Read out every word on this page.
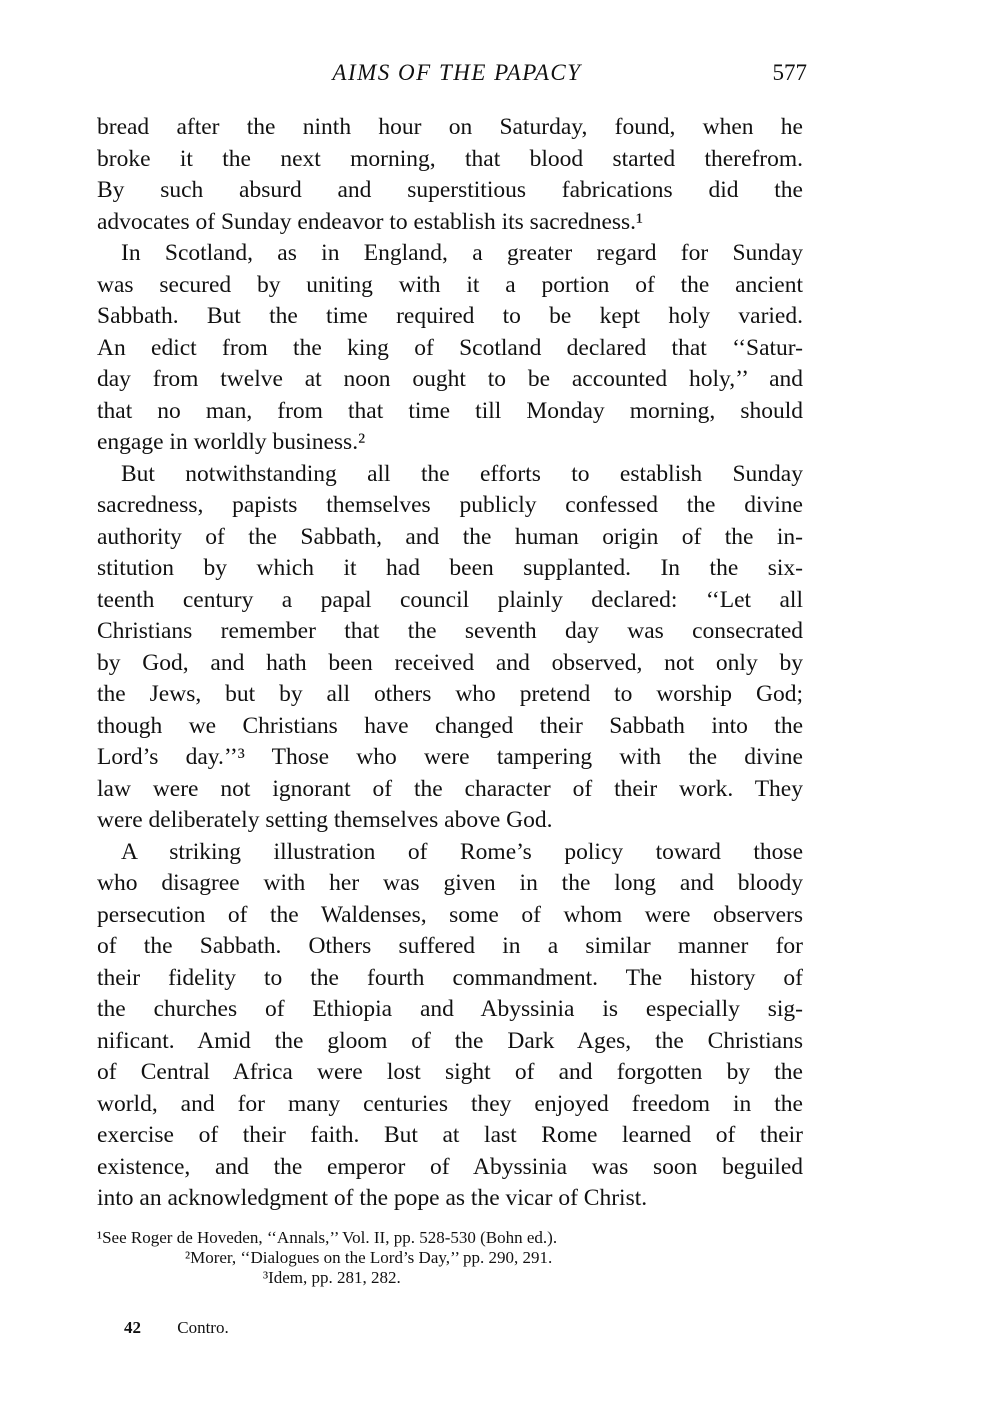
AIMS OF THE PAPACY	577
bread after the ninth hour on Saturday, found, when he
broke it the next morning, that blood started therefrom.
By such absurd and superstitious fabrications did the
advocates of Sunday endeavor to establish its sacredness.¹
In Scotland, as in England, a greater regard for Sunday
was secured by uniting with it a portion of the ancient
Sabbath. But the time required to be kept holy varied.
An edict from the king of Scotland declared that ‘‘Satur-
day from twelve at noon ought to be accounted holy,’’ and
that no man, from that time till Monday morning, should
engage in worldly business.²
But notwithstanding all the efforts to establish Sunday
sacredness, papists themselves publicly confessed the divine
authority of the Sabbath, and the human origin of the in-
stitution by which it had been supplanted. In the six-
teenth century a papal council plainly declared: ‘‘Let all
Christians remember that the seventh day was consecrated
by God, and hath been received and observed, not only by
the Jews, but by all others who pretend to worship God;
though we Christians have changed their Sabbath into the
Lord’s day.’’³ Those who were tampering with the divine
law were not ignorant of the character of their work. They
were deliberately setting themselves above God.
A striking illustration of Rome’s policy toward those
who disagree with her was given in the long and bloody
persecution of the Waldenses, some of whom were observers
of the Sabbath. Others suffered in a similar manner for
their fidelity to the fourth commandment. The history of
the churches of Ethiopia and Abyssinia is especially sig-
nificant. Amid the gloom of the Dark Ages, the Christians
of Central Africa were lost sight of and forgotten by the
world, and for many centuries they enjoyed freedom in the
exercise of their faith. But at last Rome learned of their
existence, and the emperor of Abyssinia was soon beguiled
into an acknowledgment of the pope as the vicar of Christ.
¹See Roger de Hoveden, ‘‘Annals,’’ Vol. II, pp. 528-530 (Bohn ed.).
²Morer, ‘‘Dialogues on the Lord’s Day,’’ pp. 290, 291.
³Idem, pp. 281, 282.
42 Contro.
